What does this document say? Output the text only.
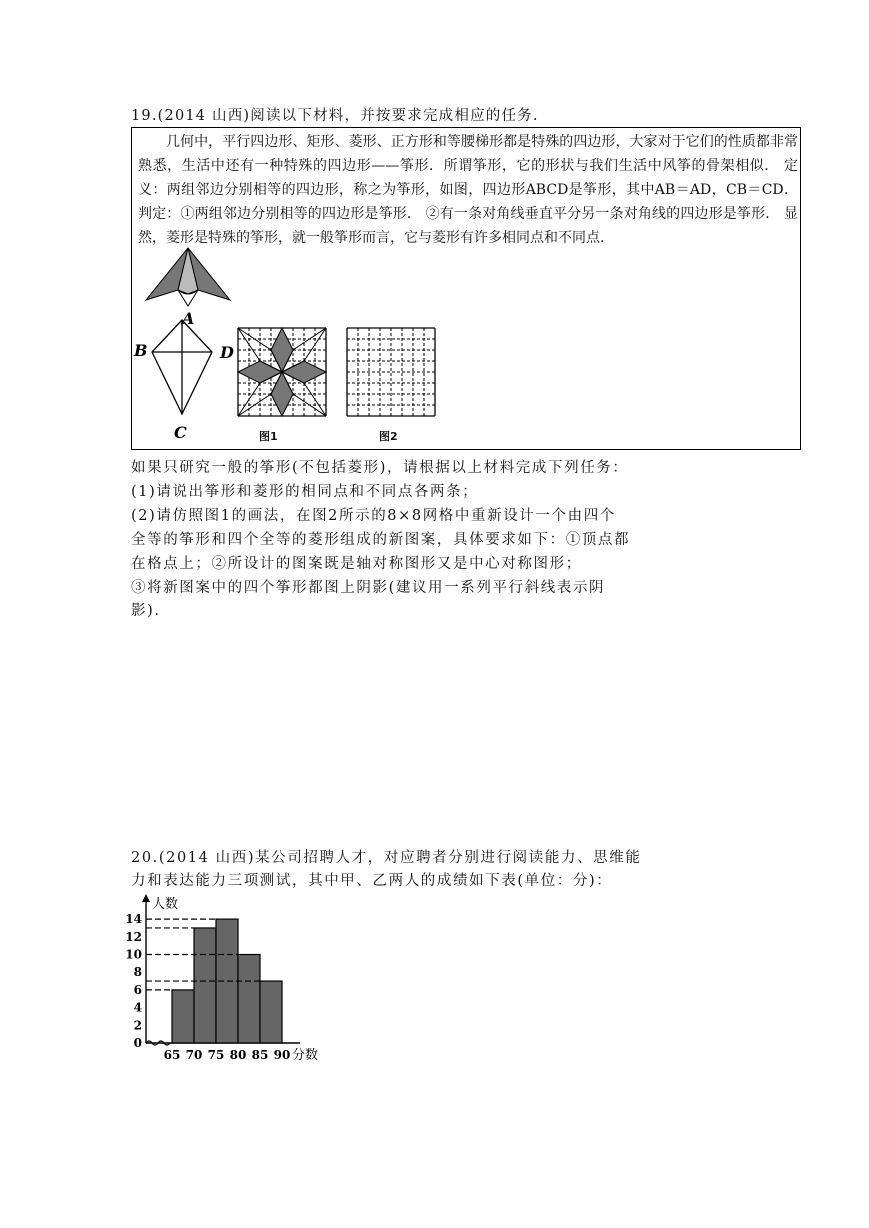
19.(2014 山西)阅读以下材料，并按要求完成相应的任务.

几何中，平行四边形、矩形、菱形、正方形和等腰梯形都是特殊的四边形，大家对于它们的性质都非常熟悉，生活中还有一种特殊的四边形——筝形．所谓筝形，它的形状与我们生活中风筝的骨架相似． 定义：两组邻边分别相等的四边形，称之为筝形，如图，四边形ABCD是筝形，其中AB＝AD，CB＝CD． 判定：①两组邻边分别相等的四边形是筝形． ②有一条对角线垂直平分另一条对角线的四边形是筝形． 显然，菱形是特殊的筝形，就一般筝形而言，它与菱形有许多相同点和不同点.

A
B	D
C	图1	图2
如果只研究一般的筝形(不包括菱形)，请根据以上材料完成下列任务：
(1)请说出筝形和菱形的相同点和不同点各两条；
(2)请仿照图1的画法，在图2所示的8×8网格中重新设计一个由四个
全等的筝形和四个全等的菱形组成的新图案，具体要求如下：①顶点都
在格点上；②所设计的图案既是轴对称图形又是中心对称图形；
③将新图案中的四个筝形都图上阴影(建议用一系列平行斜线表示阴
影).
20.(2014 山西)某公司招聘人才，对应聘者分别进行阅读能力、思维能
力和表达能力三项测试，其中甲、乙两人的成绩如下表(单位：分)：
0
2
4
6
8
10
12
14
65 70 75 80 85 90 分数
人数
